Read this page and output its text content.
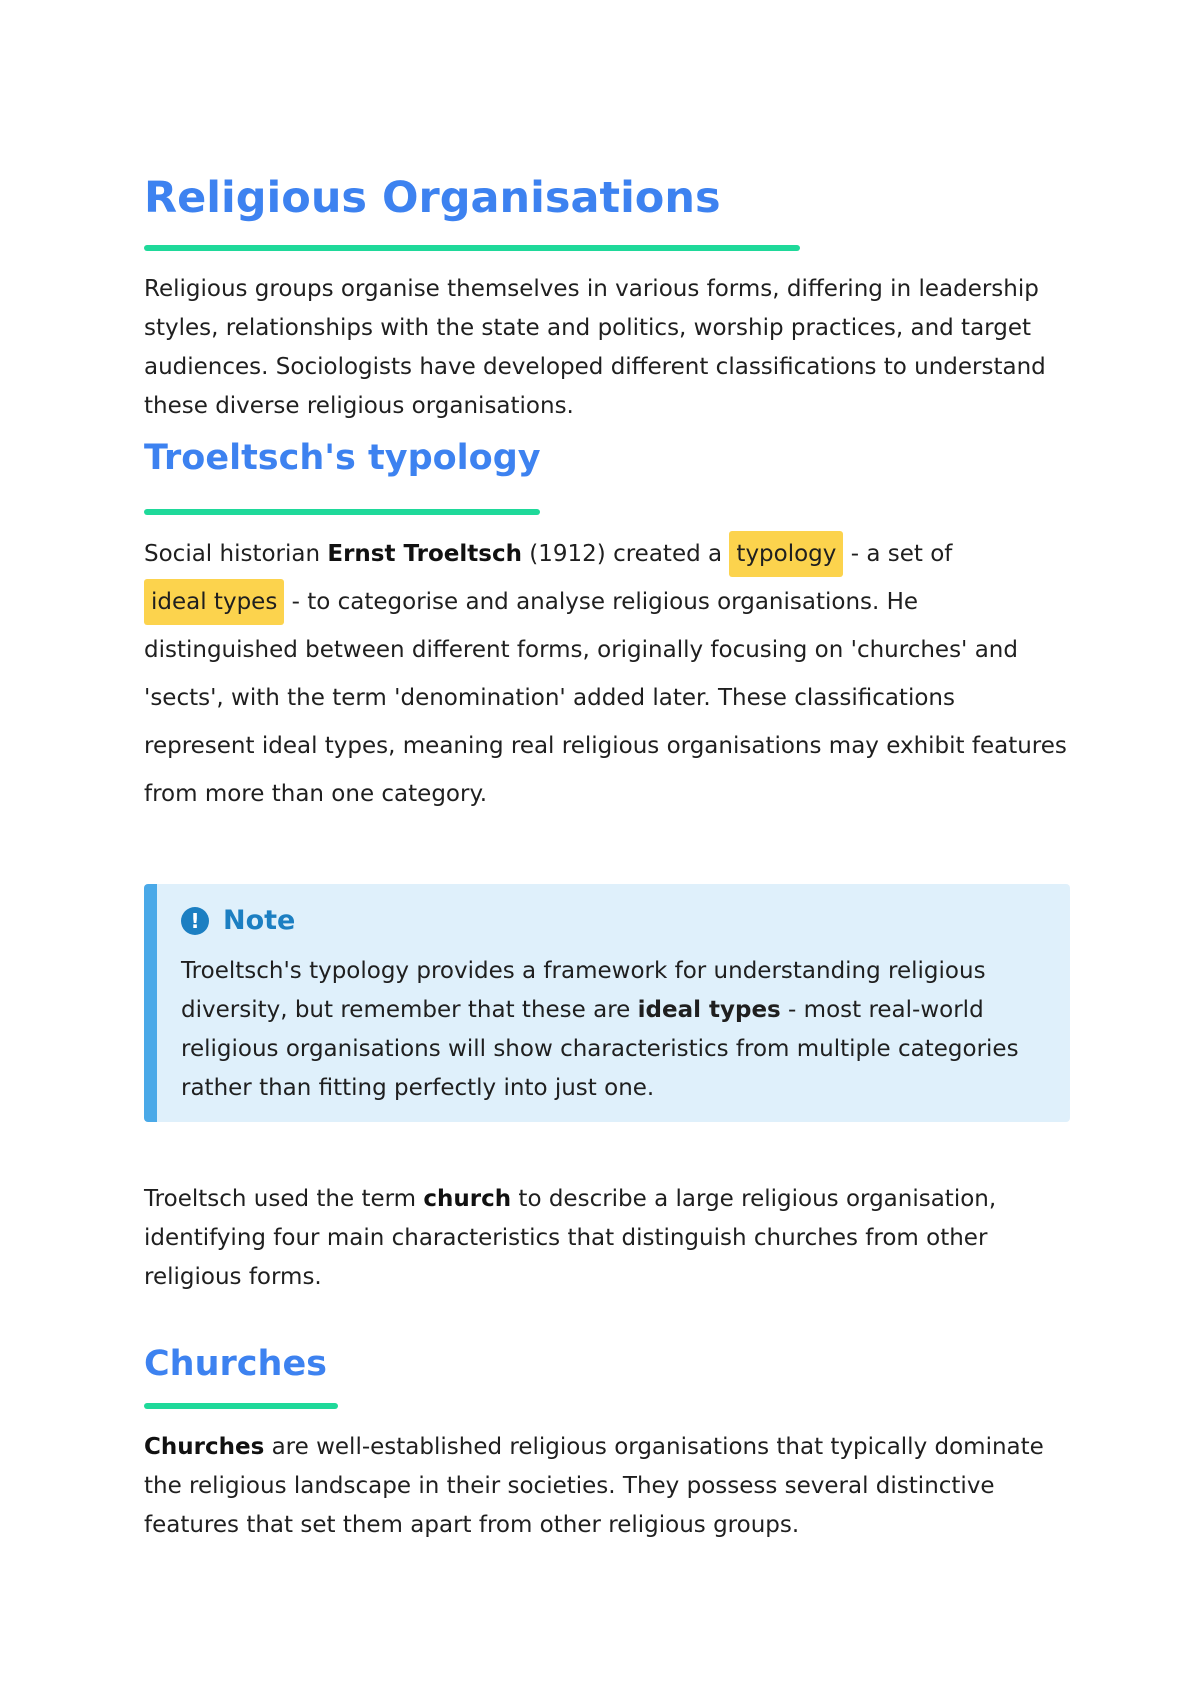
Religious Organisations

Religious groups organise themselves in various forms, differing in leadership styles, relationships with the state and politics, worship practices, and target audiences. Sociologists have developed different classifications to understand these diverse religious organisations.

Troeltsch's typology

Social historian Ernst Troeltsch (1912) created a typology - a set of
ideal types - to categorise and analyse religious organisations. He distinguished between different forms, originally focusing on 'churches' and 'sects', with the term 'denomination' added later. These classifications represent ideal types, meaning real religious organisations may exhibit features from more than one category.

! Note

Troeltsch's typology provides a framework for understanding religious diversity, but remember that these are ideal types - most real-world religious organisations will show characteristics from multiple categories rather than fitting perfectly into just one.

Troeltsch used the term church to describe a large religious organisation, identifying four main characteristics that distinguish churches from other religious forms.

Churches

Churches are well-established religious organisations that typically dominate the religious landscape in their societies. They possess several distinctive features that set them apart from other religious groups.
